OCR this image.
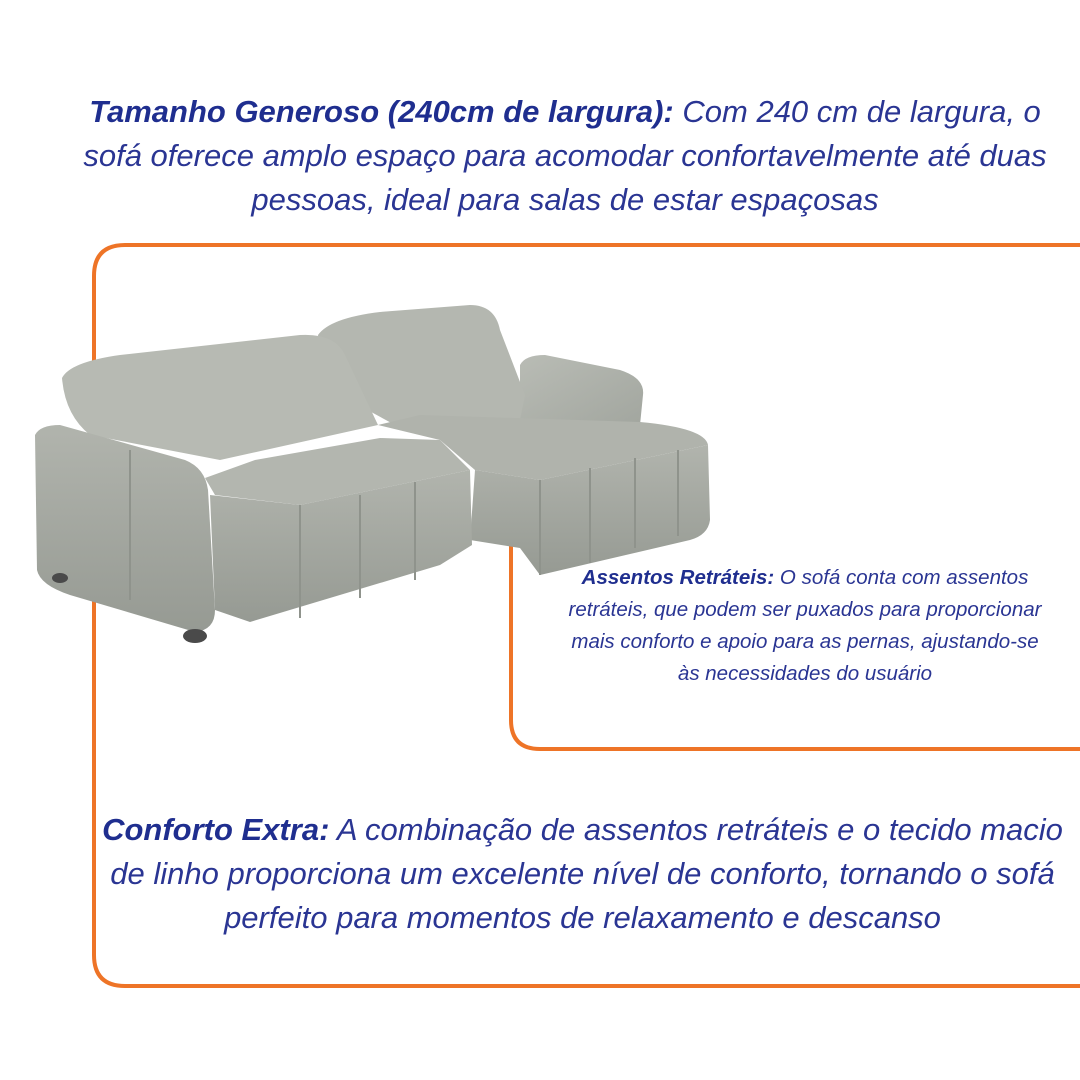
Tamanho Generoso (240cm de largura): Com 240 cm de largura, o sofá oferece amplo espaço para acomodar confortavelmente até duas pessoas, ideal para salas de estar espaçosas
Assentos Retráteis: O sofá conta com assentos retráteis, que podem ser puxados para proporcionar mais conforto e apoio para as pernas, ajustando-se às necessidades do usuário
Conforto Extra: A combinação de assentos retráteis e o tecido macio de linho proporciona um excelente nível de conforto, tornando o sofá perfeito para momentos de relaxamento e descanso
